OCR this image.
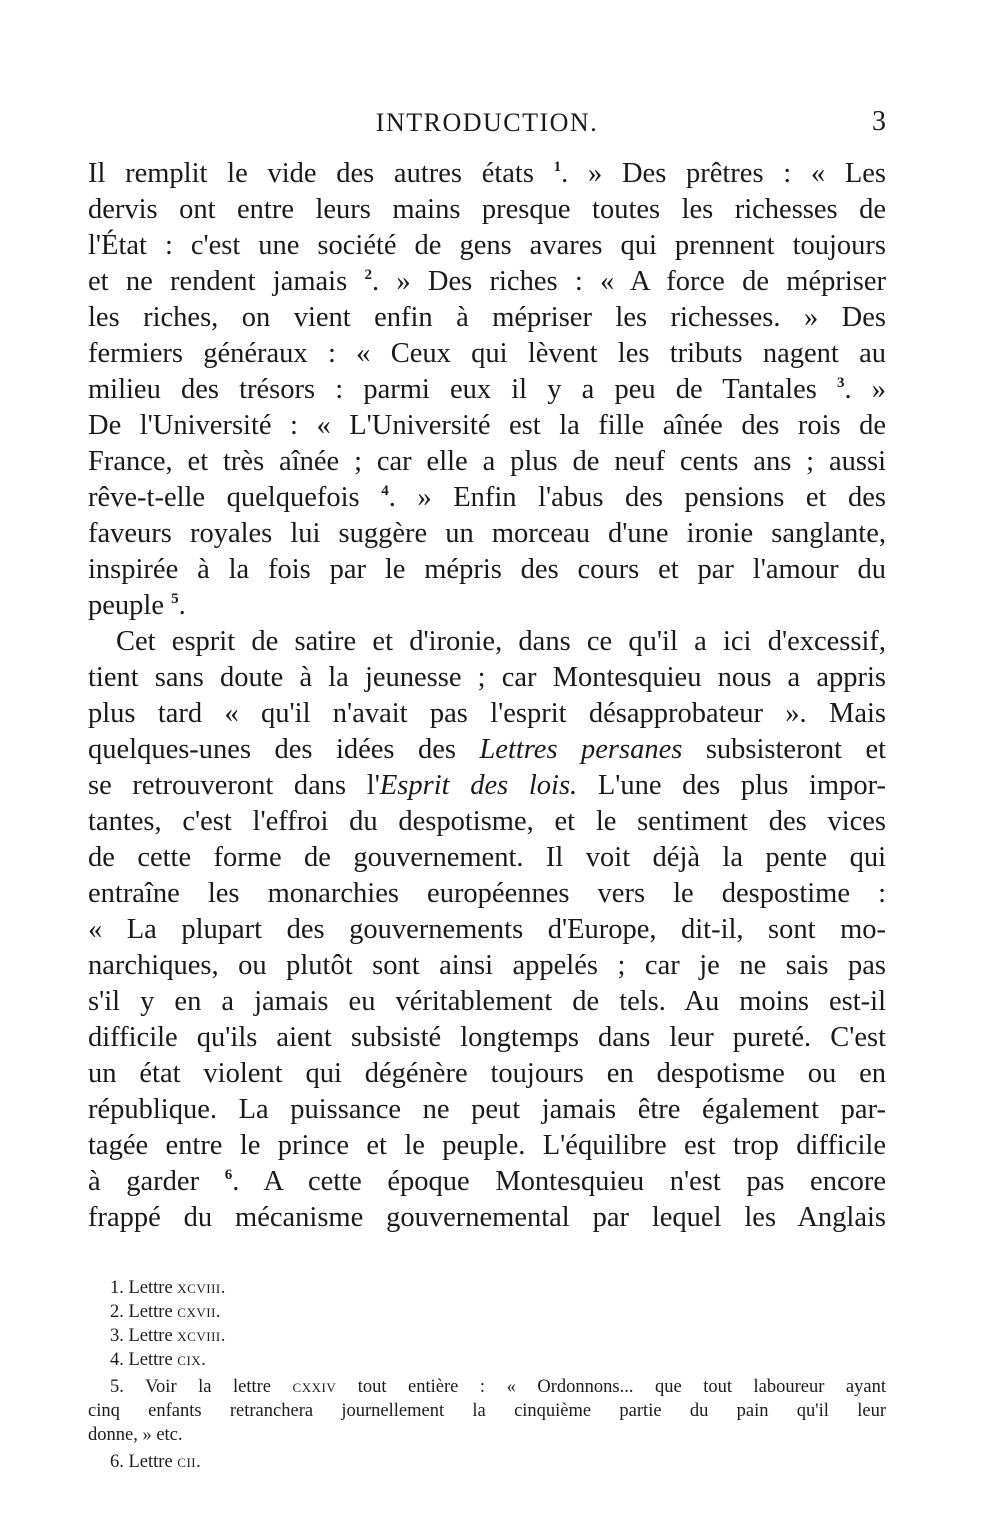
INTRODUCTION.	3
Il remplit le vide des autres états $^1$. » Des prêtres : « Les
dervis ont entre leurs mains presque toutes les richesses de
l'État : c'est une société de gens avares qui prennent toujours
et ne rendent jamais $^2$. » Des riches : « A force de mépriser
les riches, on vient enfin à mépriser les richesses. » Des
fermiers généraux : « Ceux qui lèvent les tributs nagent au
milieu des trésors : parmi eux il y a peu de Tantales $^3$. »
De l'Université : « L'Université est la fille aînée des rois de
France, et très aînée ; car elle a plus de neuf cents ans ; aussi
rêve-t-elle quelquefois $^4$. » Enfin l'abus des pensions et des
faveurs royales lui suggère un morceau d'une ironie sanglante,
inspirée à la fois par le mépris des cours et par l'amour du
peuple $^5$.
Cet esprit de satire et d'ironie, dans ce qu'il a ici d'excessif,
tient sans doute à la jeunesse ; car Montesquieu nous a appris
plus tard « qu'il n'avait pas l'esprit désapprobateur ». Mais
quelques-unes des idées des Lettres persanes subsisteront et
se retrouveront dans l'Esprit des lois. L'une des plus impor-
tantes, c'est l'effroi du despotisme, et le sentiment des vices
de cette forme de gouvernement. Il voit déjà la pente qui
entraîne les monarchies européennes vers le despostime :
« La plupart des gouvernements d'Europe, dit-il, sont mo-
narchiques, ou plutôt sont ainsi appelés ; car je ne sais pas
s'il y en a jamais eu véritablement de tels. Au moins est-il
difficile qu'ils aient subsisté longtemps dans leur pureté. C'est
un état violent qui dégénère toujours en despotisme ou en
république. La puissance ne peut jamais être également par-
tagée entre le prince et le peuple. L'équilibre est trop difficile
à garder $^6$. A cette époque Montesquieu n'est pas encore
frappé du mécanisme gouvernemental par lequel les Anglais
1. Lettre xcviii.
2. Lettre cxvii.
3. Lettre xcviii.
4. Lettre cix.
5. Voir la lettre cxxiv tout entière : « Ordonnons... que tout laboureur ayant
cinq enfants retranchera journellement la cinquième partie du pain qu'il leur
donne, » etc.
6. Lettre cii.
